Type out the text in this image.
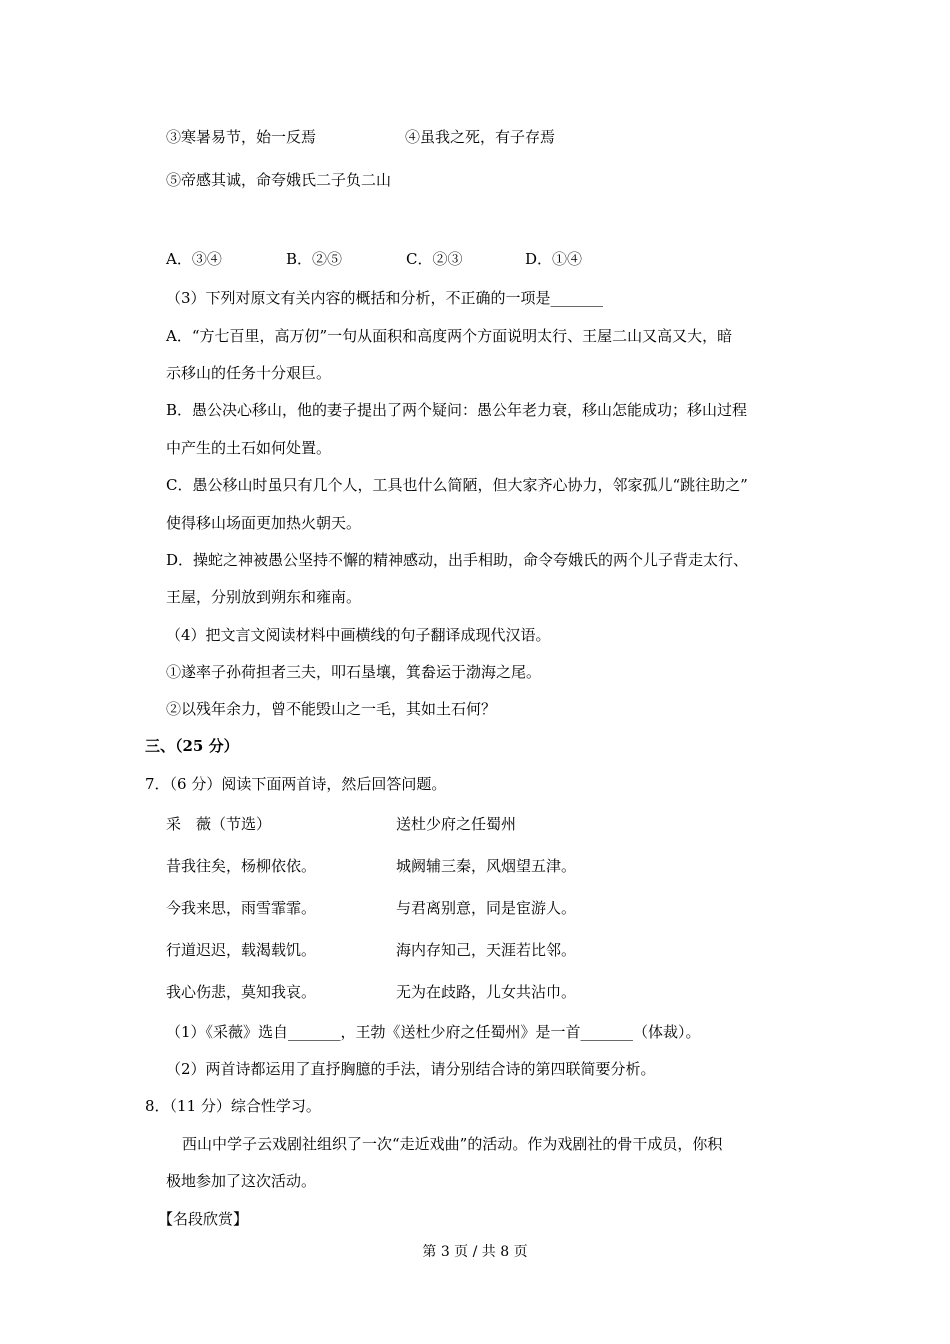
③寒暑易节，始一反焉	④虽我之死，有子存焉
⑤帝感其诚，命夸娥氏二子负二山
A．③④	B．②⑤	C．②③	D．①④
（3）下列对原文有关内容的概括和分析，不正确的一项是_______
A．“方七百里，高万仞”一句从面积和高度两个方面说明太行、王屋二山又高又大，暗
示移山的任务十分艰巨。
B．愚公决心移山，他的妻子提出了两个疑问：愚公年老力衰，移山怎能成功；移山过程
中产生的土石如何处置。
C．愚公移山时虽只有几个人，工具也什么简陋，但大家齐心协力，邻家孤儿“跳往助之”
使得移山场面更加热火朝天。
D．操蛇之神被愚公坚持不懈的精神感动，出手相助，命令夸娥氏的两个儿子背走太行、
王屋，分别放到朔东和雍南。
（4）把文言文阅读材料中画横线的句子翻译成现代汉语。
①遂率子孙荷担者三夫，叩石垦壤，箕畚运于渤海之尾。
②以残年余力，曾不能毁山之一毛，其如土石何？
三、（25 分）
7．（6 分）阅读下面两首诗，然后回答问题。
采　薇（节选）	送杜少府之任蜀州
昔我往矣，杨柳依依。	城阙辅三秦，风烟望五津。
今我来思，雨雪霏霏。	与君离别意，同是宦游人。
行道迟迟，载渴载饥。	海内存知己，天涯若比邻。
我心伤悲，莫知我哀。	无为在歧路，儿女共沾巾。
（1）《采薇》选自_______，王勃《送杜少府之任蜀州》是一首_______（体裁）。
（2）两首诗都运用了直抒胸臆的手法，请分别结合诗的第四联简要分析。
8．（11 分）综合性学习。
西山中学子云戏剧社组织了一次“走近戏曲”的活动。作为戏剧社的骨干成员，你积
极地参加了这次活动。
【名段欣赏】
第 3 页 / 共 8 页
